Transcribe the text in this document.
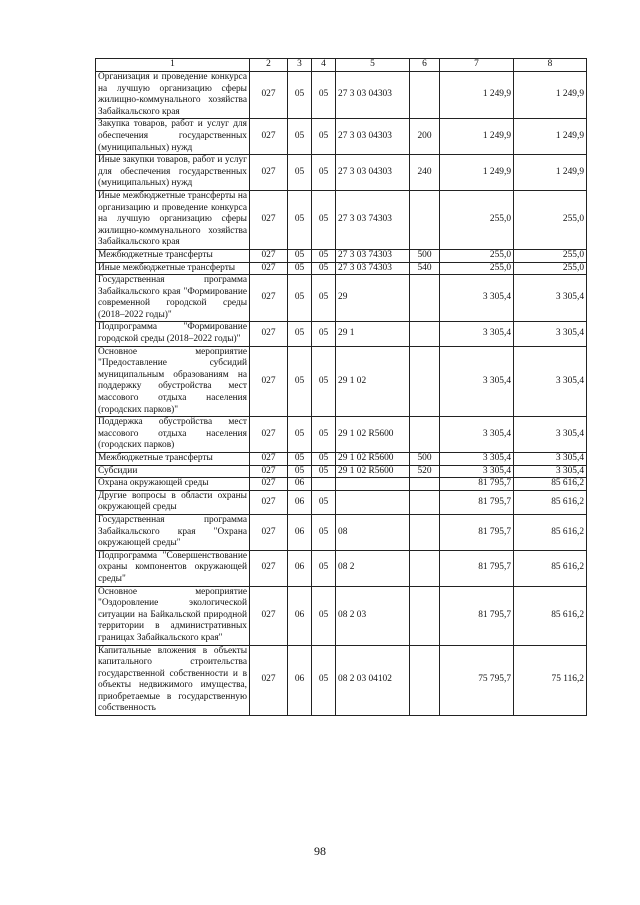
1	2	3	4	5	6	7	8
Организация и проведение конкурса на лучшую организацию сферы жилищно-коммунального хозяйства Забайкальского края	027	05	05	27 3 03 04303		1 249,9	1 249,9
Закупка товаров, работ и услуг для обеспечения государственных (муниципальных) нужд	027	05	05	27 3 03 04303	200	1 249,9	1 249,9
Иные закупки товаров, работ и услуг для обеспечения государственных (муниципальных) нужд	027	05	05	27 3 03 04303	240	1 249,9	1 249,9
Иные межбюджетные трансферты на организацию и проведение конкурса на лучшую организацию сферы жилищно-коммунального хозяйства Забайкальского края	027	05	05	27 3 03 74303		255,0	255,0
Межбюджетные трансферты	027	05	05	27 3 03 74303	500	255,0	255,0
Иные межбюджетные трансферты	027	05	05	27 3 03 74303	540	255,0	255,0
Государственная программа Забайкальского края "Формирование современной городской среды (2018–2022 годы)"	027	05	05	29		3 305,4	3 305,4
Подпрограмма "Формирование городской среды (2018–2022 годы)"	027	05	05	29 1		3 305,4	3 305,4
Основное мероприятие "Предоставление субсидий муниципальным образованиям на поддержку обустройства мест массового отдыха населения (городских парков)"	027	05	05	29 1 02		3 305,4	3 305,4
Поддержка обустройства мест массового отдыха населения (городских парков)	027	05	05	29 1 02 R5600		3 305,4	3 305,4
Межбюджетные трансферты	027	05	05	29 1 02 R5600	500	3 305,4	3 305,4
Субсидии	027	05	05	29 1 02 R5600	520	3 305,4	3 305,4
Охрана окружающей среды	027	06				81 795,7	85 616,2
Другие вопросы в области охраны окружающей среды	027	06	05			81 795,7	85 616,2
Государственная программа Забайкальского края "Охрана окружающей среды"	027	06	05	08		81 795,7	85 616,2
Подпрограмма "Совершенствование охраны компонентов окружающей среды"	027	06	05	08 2		81 795,7	85 616,2
Основное мероприятие "Оздоровление экологической ситуации на Байкальской природной территории в административных границах Забайкальского края"	027	06	05	08 2 03		81 795,7	85 616,2
Капитальные вложения в объекты капитального строительства государственной собственности и в объекты недвижимого имущества, приобретаемые в государственную собственность	027	06	05	08 2 03 04102		75 795,7	75 116,2
98
